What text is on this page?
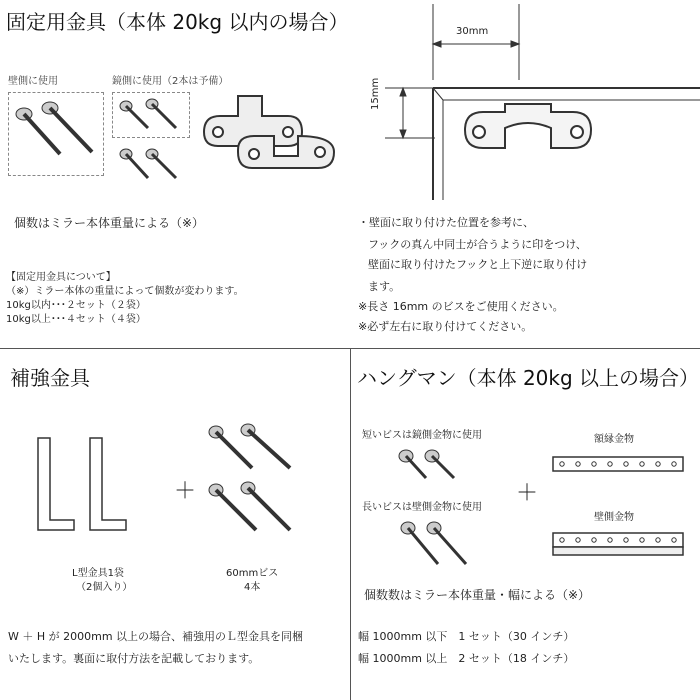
固定用金具（本体 20kg 以内の場合）
壁側に使用	鏡側に使用（2本は予備）
個数はミラー本体重量による（※）
【固定用金具について】
（※）ミラー本体の重量によって個数が変わります。
10kg以内･･･２セット（２袋）
10kg以上･･･４セット（４袋）
30mm
15mm
・壁面に取り付けた位置を参考に、
フックの真ん中同士が合うように印をつけ、
壁面に取り付けたフックと上下逆に取り付け
ます。
※長さ 16mm のビスをご使用ください。
※必ず左右に取り付けてください。
補強金具
L型金具1袋
（2個入り）
＋
60mmビス
4本
W ＋ H が 2000mm 以上の場合、補強用のＬ型金具を同梱
いたします。裏面に取付方法を記載しております。
ハングマン（本体 20kg 以上の場合）
短いビスは鏡側金物に使用
長いビスは壁側金物に使用
＋
額縁金物
壁側金物
個数数はミラー本体重量・幅による（※）
幅 1000mm 以下　1 セット（30 インチ）
幅 1000mm 以上　2 セット（18 インチ）
